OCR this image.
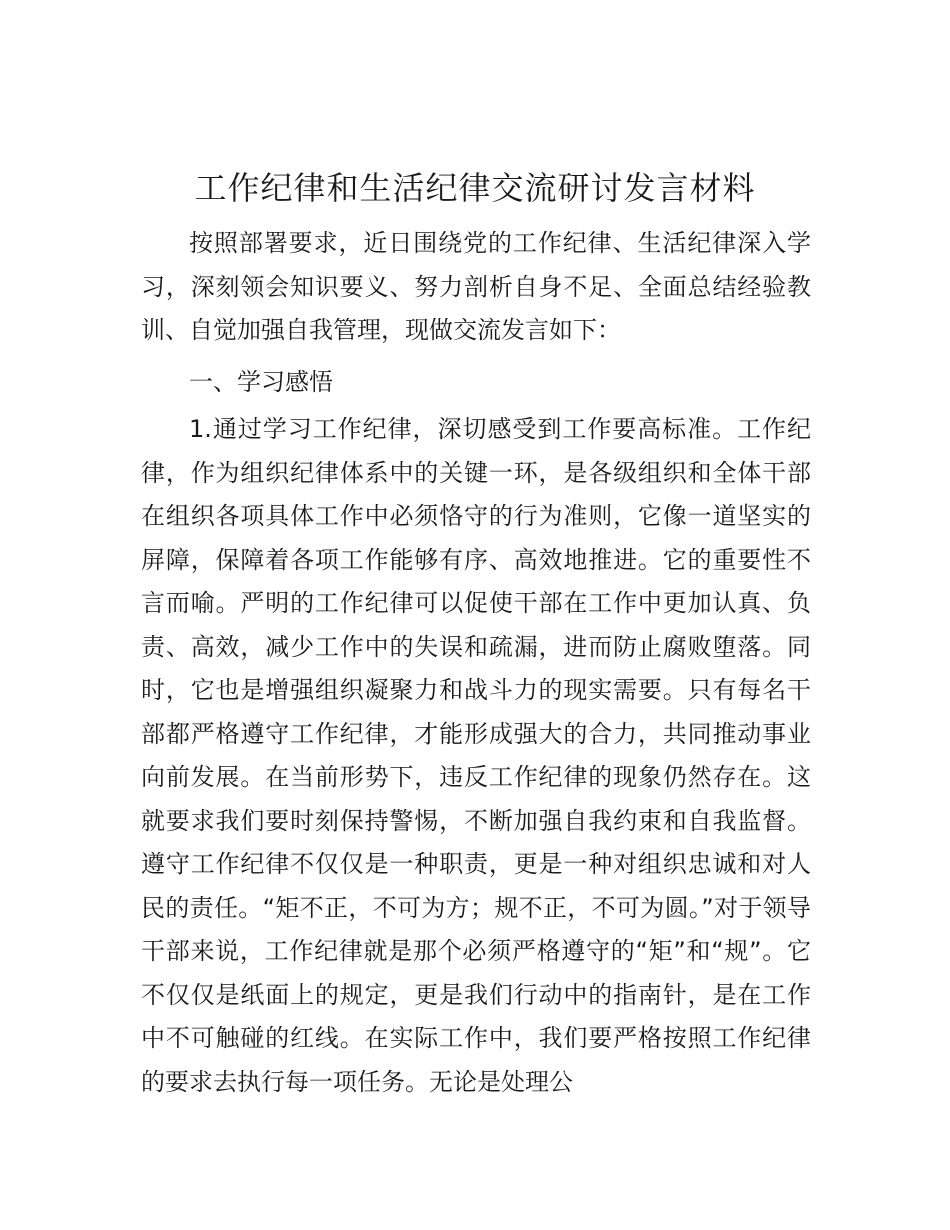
工作纪律和生活纪律交流研讨发言材料

按照部署要求，近日围绕党的工作纪律、生活纪律深入学习，深刻领会知识要义、努力剖析自身不足、全面总结经验教训、自觉加强自我管理，现做交流发言如下：

一、学习感悟

1.通过学习工作纪律，深切感受到工作要高标准。工作纪律，作为组织纪律体系中的关键一环，是各级组织和全体干部在组织各项具体工作中必须恪守的行为准则，它像一道坚实的屏障，保障着各项工作能够有序、高效地推进。它的重要性不言而喻。严明的工作纪律可以促使干部在工作中更加认真、负责、高效，减少工作中的失误和疏漏，进而防止腐败堕落。同时，它也是增强组织凝聚力和战斗力的现实需要。只有每名干部都严格遵守工作纪律，才能形成强大的合力，共同推动事业向前发展。在当前形势下，违反工作纪律的现象仍然存在。这就要求我们要时刻保持警惕，不断加强自我约束和自我监督。遵守工作纪律不仅仅是一种职责，更是一种对组织忠诚和对人民的责任。“矩不正，不可为方；规不正，不可为圆。”对于领导干部来说，工作纪律就是那个必须严格遵守的“矩”和“规”。它不仅仅是纸面上的规定，更是我们行动中的指南针，是在工作中不可触碰的红线。在实际工作中，我们要严格按照工作纪律的要求去执行每一项任务。无论是处理公
